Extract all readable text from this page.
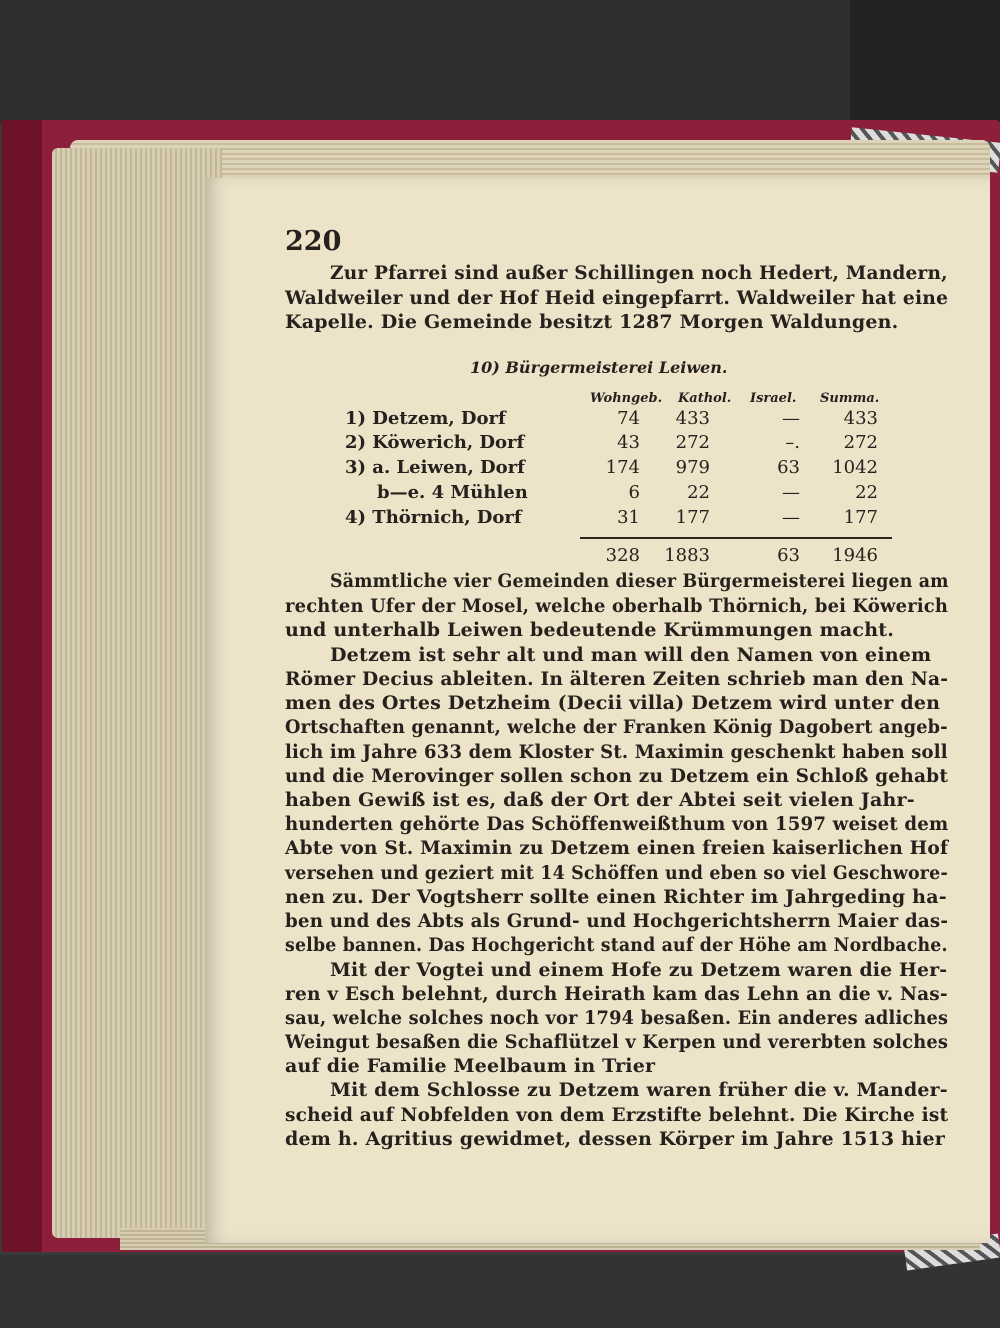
220
Zur Pfarrei sind außer Schillingen noch Hedert, Mandern,
Waldweiler und der Hof Heid eingepfarrt. Waldweiler hat eine
Kapelle. Die Gemeinde besitzt 1287 Morgen Waldungen.
10) Bürgermeisterei Leiwen.
Wohngeb. Kathol. Israel. Summa.
1) Detzem, Dorf	74	433	—	433
2) Köwerich, Dorf	43	272	–.	272
3) a. Leiwen, Dorf	174	979	63	1042
b—e. 4 Mühlen	6	22	—	22
4) Thörnich, Dorf	31	177	—	177
328	1883	63	1946
Sämmtliche vier Gemeinden dieser Bürgermeisterei liegen am
rechten Ufer der Mosel, welche oberhalb Thörnich, bei Köwerich
und unterhalb Leiwen bedeutende Krümmungen macht.
Detzem ist sehr alt und man will den Namen von einem
Römer Decius ableiten. In älteren Zeiten schrieb man den Na-
men des Ortes Detzheim (Decii villa) Detzem wird unter den
Ortschaften genannt, welche der Franken König Dagobert angeb-
lich im Jahre 633 dem Kloster St. Maximin geschenkt haben soll
und die Merovinger sollen schon zu Detzem ein Schloß gehabt
haben Gewiß ist es, daß der Ort der Abtei seit vielen Jahr-
hunderten gehörte Das Schöffenweißthum von 1597 weiset dem
Abte von St. Maximin zu Detzem einen freien kaiserlichen Hof
versehen und geziert mit 14 Schöffen und eben so viel Geschwore-
nen zu. Der Vogtsherr sollte einen Richter im Jahrgeding ha-
ben und des Abts als Grund- und Hochgerichtsherrn Maier das-
selbe bannen. Das Hochgericht stand auf der Höhe am Nordbache.
Mit der Vogtei und einem Hofe zu Detzem waren die Her-
ren v Esch belehnt, durch Heirath kam das Lehn an die v. Nas-
sau, welche solches noch vor 1794 besaßen. Ein anderes adliches
Weingut besaßen die Schaflützel v Kerpen und vererbten solches
auf die Familie Meelbaum in Trier
Mit dem Schlosse zu Detzem waren früher die v. Mander-
scheid auf Nobfelden von dem Erzstifte belehnt. Die Kirche ist
dem h. Agritius gewidmet, dessen Körper im Jahre 1513 hier
